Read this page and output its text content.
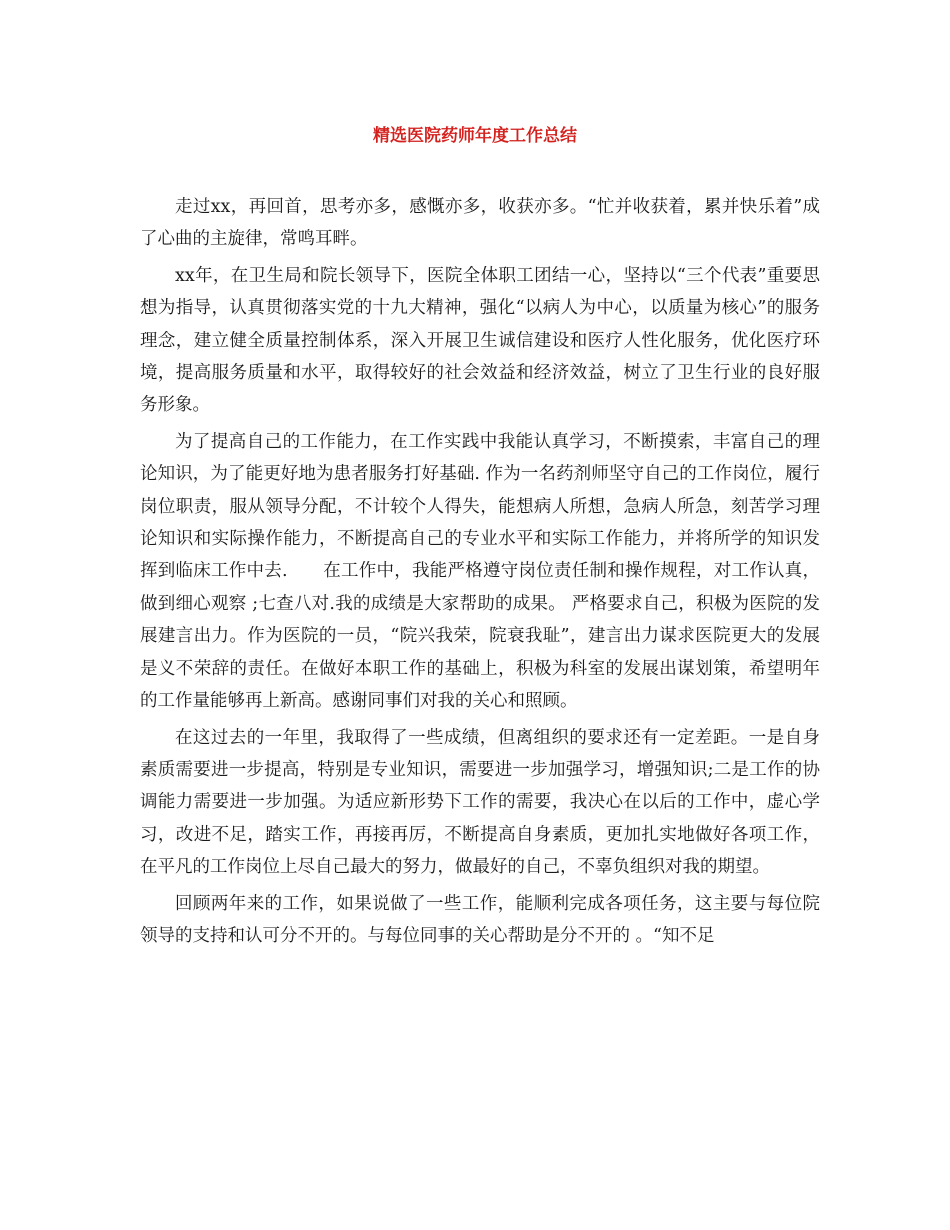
精选医院药师年度工作总结

走过xx，再回首，思考亦多，感慨亦多，收获亦多。“忙并收获着，累并快乐着”成了心曲的主旋律，常鸣耳畔。

xx年，在卫生局和院长领导下，医院全体职工团结一心，坚持以“三个代表”重要思想为指导，认真贯彻落实党的十九大精神，强化“以病人为中心，以质量为核心”的服务理念，建立健全质量控制体系，深入开展卫生诚信建设和医疗人性化服务，优化医疗环境，提高服务质量和水平，取得较好的社会效益和经济效益，树立了卫生行业的良好服务形象。

为了提高自己的工作能力，在工作实践中我能认真学习，不断摸索，丰富自己的理论知识，为了能更好地为患者服务打好基础. 作为一名药剂师坚守自己的工作岗位，履行岗位职责，服从领导分配，不计较个人得失，能想病人所想，急病人所急，刻苦学习理论知识和实际操作能力，不断提高自己的专业水平和实际工作能力，并将所学的知识发挥到临床工作中去.　　在工作中，我能严格遵守岗位责任制和操作规程，对工作认真，做到细心观察 ;七查八对.我的成绩是大家帮助的成果。 严格要求自己，积极为医院的发展建言出力。作为医院的一员，“院兴我荣，院衰我耻”，建言出力谋求医院更大的发展是义不荣辞的责任。在做好本职工作的基础上，积极为科室的发展出谋划策，希望明年的工作量能够再上新高。感谢同事们对我的关心和照顾。

在这过去的一年里，我取得了一些成绩，但离组织的要求还有一定差距。一是自身素质需要进一步提高，特别是专业知识，需要进一步加强学习，增强知识;二是工作的协调能力需要进一步加强。为适应新形势下工作的需要，我决心在以后的工作中，虚心学习，改进不足，踏实工作，再接再厉，不断提高自身素质，更加扎实地做好各项工作，在平凡的工作岗位上尽自己最大的努力，做最好的自己，不辜负组织对我的期望。

回顾两年来的工作，如果说做了一些工作，能顺利完成各项任务，这主要与每位院领导的支持和认可分不开的。与每位同事的关心帮助是分不开的 。“知不足
